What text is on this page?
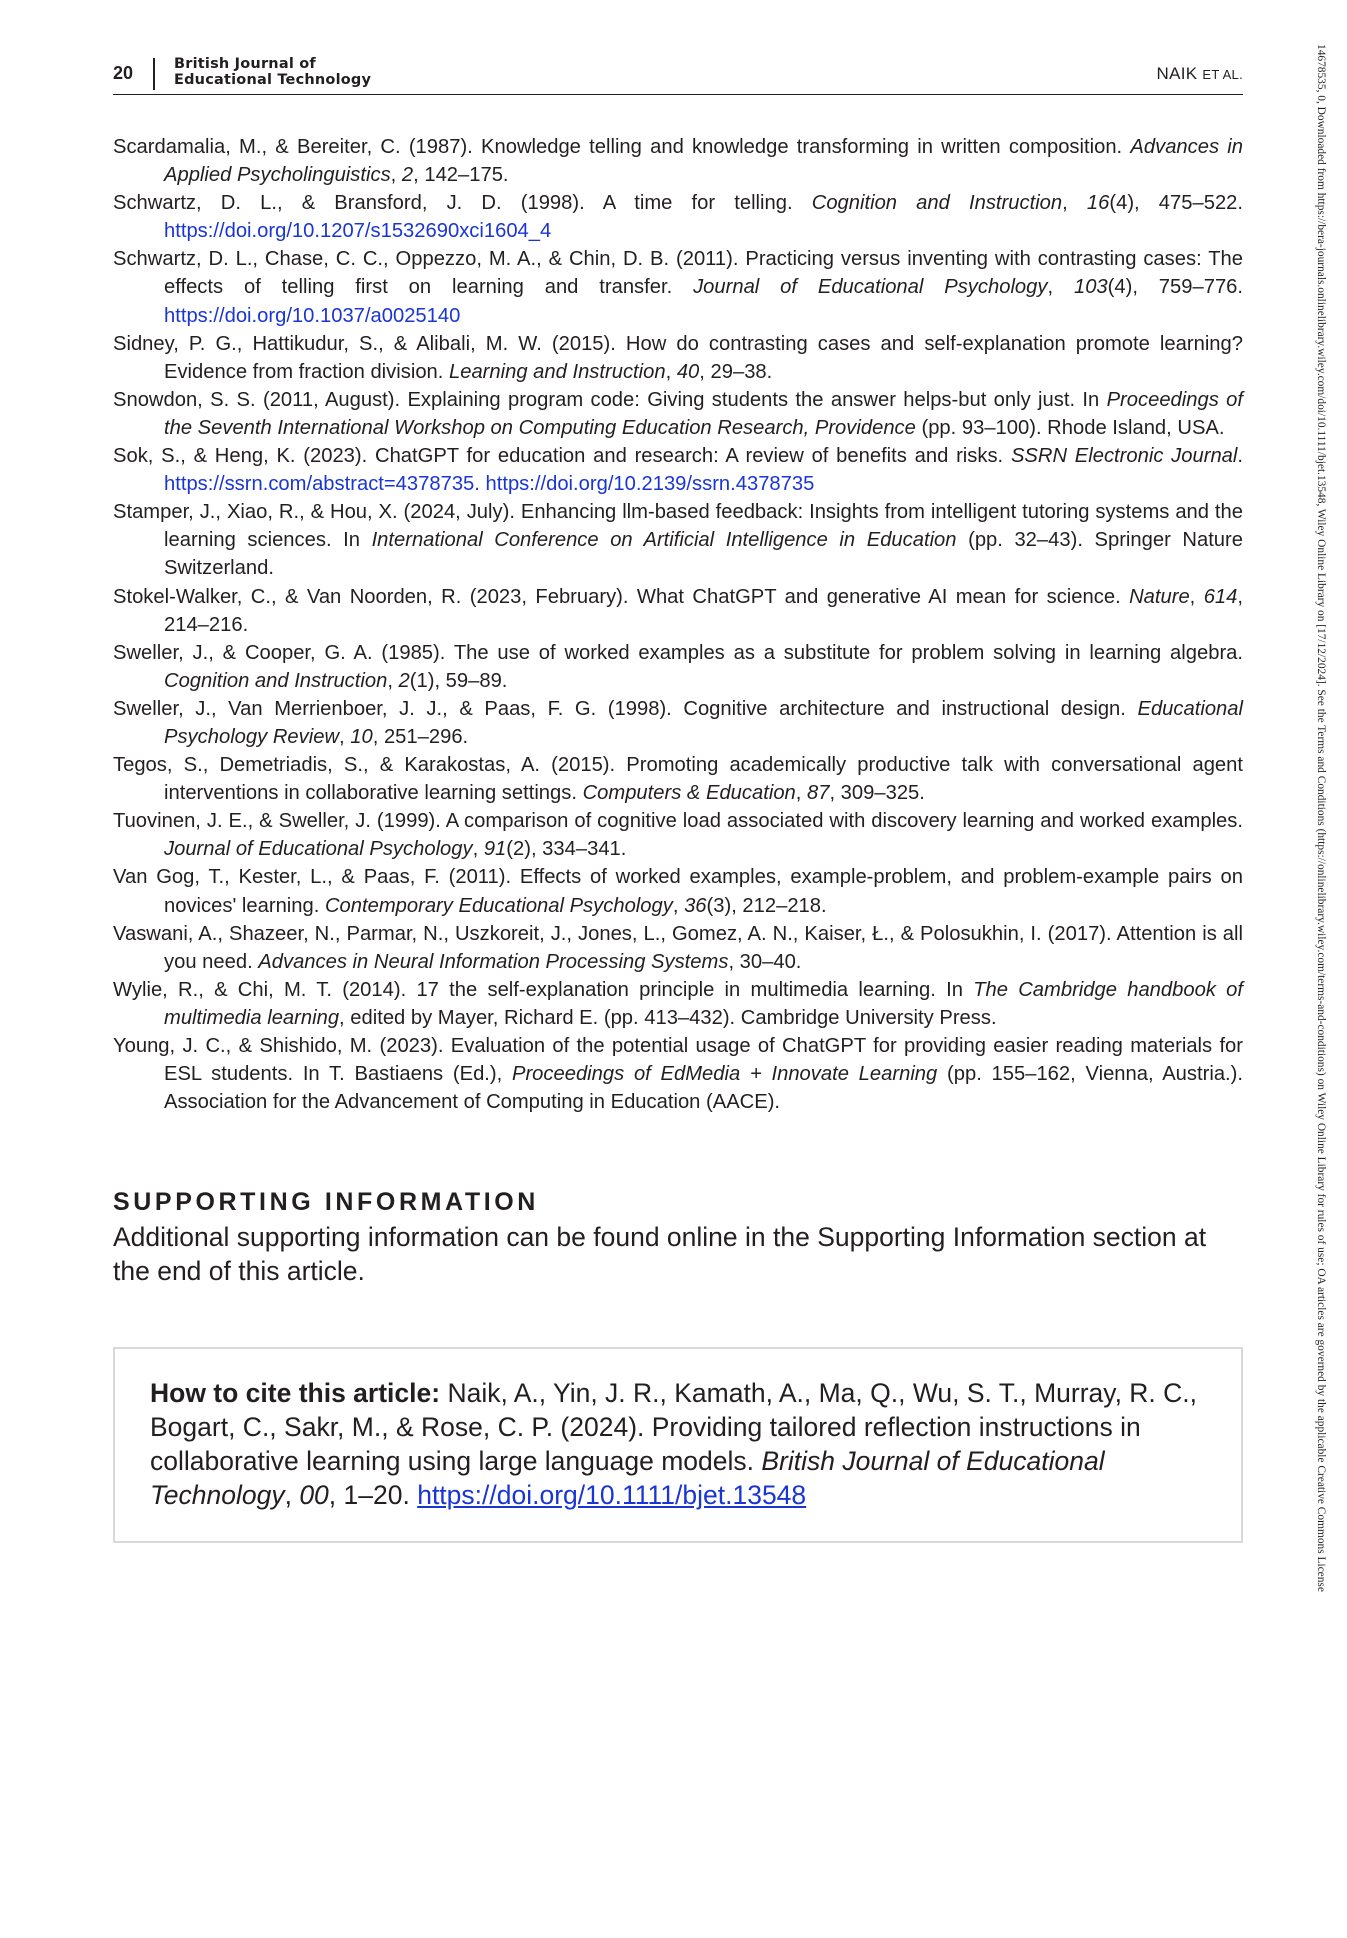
20	British Journal of
Educational Technology	NAIK ET AL.

Scardamalia, M., & Bereiter, C. (1987). Knowledge telling and knowledge transforming in written composition. Advances in Applied Psycholinguistics, 2, 142–175.

Schwartz, D. L., & Bransford, J. D. (1998). A time for telling. Cognition and Instruction, 16(4), 475–522. https://doi.org/10.1207/s1532690xci1604_4

Schwartz, D. L., Chase, C. C., Oppezzo, M. A., & Chin, D. B. (2011). Practicing versus inventing with contrasting cases: The effects of telling first on learning and transfer. Journal of Educational Psychology, 103(4), 759–776. https://doi.org/10.1037/a0025140

Sidney, P. G., Hattikudur, S., & Alibali, M. W. (2015). How do contrasting cases and self-explanation promote learning? Evidence from fraction division. Learning and Instruction, 40, 29–38.

Snowdon, S. S. (2011, August). Explaining program code: Giving students the answer helps-but only just. In Proceedings of the Seventh International Workshop on Computing Education Research, Providence (pp. 93–100). Rhode Island, USA.

Sok, S., & Heng, K. (2023). ChatGPT for education and research: A review of benefits and risks. SSRN Electronic Journal. https://ssrn.com/abstract=4378735. https://doi.org/10.2139/ssrn.4378735

Stamper, J., Xiao, R., & Hou, X. (2024, July). Enhancing llm-based feedback: Insights from intelligent tutoring systems and the learning sciences. In International Conference on Artificial Intelligence in Education (pp. 32–43). Springer Nature Switzerland.

Stokel-Walker, C., & Van Noorden, R. (2023, February). What ChatGPT and generative AI mean for science. Nature, 614, 214–216.

Sweller, J., & Cooper, G. A. (1985). The use of worked examples as a substitute for problem solving in learning algebra. Cognition and Instruction, 2(1), 59–89.

Sweller, J., Van Merrienboer, J. J., & Paas, F. G. (1998). Cognitive architecture and instructional design. Educational Psychology Review, 10, 251–296.

Tegos, S., Demetriadis, S., & Karakostas, A. (2015). Promoting academically productive talk with conversational agent interventions in collaborative learning settings. Computers & Education, 87, 309–325.

Tuovinen, J. E., & Sweller, J. (1999). A comparison of cognitive load associated with discovery learning and worked examples. Journal of Educational Psychology, 91(2), 334–341.

Van Gog, T., Kester, L., & Paas, F. (2011). Effects of worked examples, example-problem, and problem-example pairs on novices' learning. Contemporary Educational Psychology, 36(3), 212–218.

Vaswani, A., Shazeer, N., Parmar, N., Uszkoreit, J., Jones, L., Gomez, A. N., Kaiser, Ł., & Polosukhin, I. (2017). Attention is all you need. Advances in Neural Information Processing Systems, 30–40.

Wylie, R., & Chi, M. T. (2014). 17 the self-explanation principle in multimedia learning. In The Cambridge handbook of multimedia learning, edited by Mayer, Richard E. (pp. 413–432). Cambridge University Press.

Young, J. C., & Shishido, M. (2023). Evaluation of the potential usage of ChatGPT for providing easier reading materials for ESL students. In T. Bastiaens (Ed.), Proceedings of EdMedia + Innovate Learning (pp. 155–162, Vienna, Austria.). Association for the Advancement of Computing in Education (AACE).

SUPPORTING INFORMATION
Additional supporting information can be found online in the Supporting Information section at the end of this article.
How to cite this article: Naik, A., Yin, J. R., Kamath, A., Ma, Q., Wu, S. T., Murray, R. C., Bogart, C., Sakr, M., & Rose, C. P. (2024). Providing tailored reflection instructions in collaborative learning using large language models. British Journal of Educational Technology, 00, 1–20. https://doi.org/10.1111/bjet.13548	14678535, 0, Downloaded from https://bera-journals.onlinelibrary.wiley.com/doi/10.1111/bjet.13548, Wiley Online Library on [17/12/2024]. See the Terms and Conditions (https://onlinelibrary.wiley.com/terms-and-conditions) on Wiley Online Library for rules of use; OA articles are governed by the applicable Creative Commons License
